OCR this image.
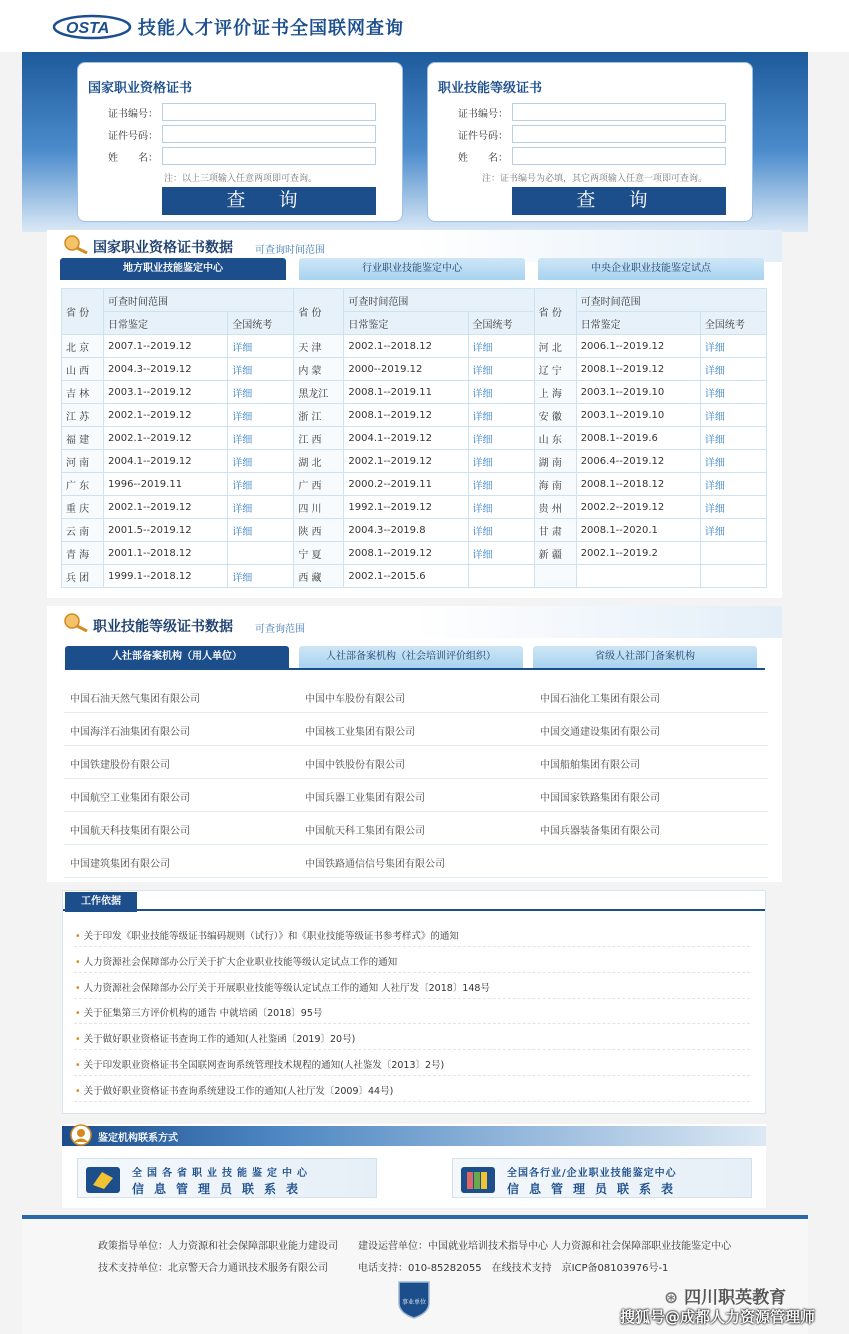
OSTA 技能人才评价证书全国联网查询
国家职业资格证书
证书编号：
证件号码：
姓　　名：
注：以上三项输入任意两项即可查询。
查 询
职业技能等级证书
证书编号：
证件号码：
姓　　名：
注：证书编号为必填，其它两项输入任意一项即可查询。
查 询
国家职业资格证书数据 可查询时间范围
地方职业技能鉴定中心	行业职业技能鉴定中心	中央企业职业技能鉴定试点
省 份	可查时间范围		省 份	可查时间范围		省 份	可查时间范围	
	日常鉴定	全国统考		日常鉴定	全国统考		日常鉴定	全国统考
北 京	2007.1--2019.12	详细	天 津	2002.1--2018.12	详细	河 北	2006.1--2019.12	详细
山 西	2004.3--2019.12	详细	内 蒙	2000--2019.12	详细	辽 宁	2008.1--2019.12	详细
吉 林	2003.1--2019.12	详细	黑龙江	2008.1--2019.11	详细	上 海	2003.1--2019.10	详细
江 苏	2002.1--2019.12	详细	浙 江	2008.1--2019.12	详细	安 徽	2003.1--2019.10	详细
福 建	2002.1--2019.12	详细	江 西	2004.1--2019.12	详细	山 东	2008.1--2019.6	详细
河 南	2004.1--2019.12	详细	湖 北	2002.1--2019.12	详细	湖 南	2006.4--2019.12	详细
广 东	1996--2019.11	详细	广 西	2000.2--2019.11	详细	海 南	2008.1--2018.12	详细
重 庆	2002.1--2019.12	详细	四 川	1992.1--2019.12	详细	贵 州	2002.2--2019.12	详细
云 南	2001.5--2019.12	详细	陕 西	2004.3--2019.8	详细	甘 肃	2008.1--2020.1	详细
青 海	2001.1--2018.12		宁 夏	2008.1--2019.12	详细	新 疆	2002.1--2019.2	
兵 团	1999.1--2018.12	详细	西 藏	2002.1--2015.6				
职业技能等级证书数据 可查询范围
人社部备案机构（用人单位）	人社部备案机构（社会培训评价组织）	省级人社部门备案机构
中国石油天然气集团有限公司	中国中车股份有限公司	中国石油化工集团有限公司
中国海洋石油集团有限公司	中国核工业集团有限公司	中国交通建设集团有限公司
中国铁建股份有限公司	中国中铁股份有限公司	中国船舶集团有限公司
中国航空工业集团有限公司	中国兵器工业集团有限公司	中国国家铁路集团有限公司
中国航天科技集团有限公司	中国航天科工集团有限公司	中国兵器装备集团有限公司
中国建筑集团有限公司	中国铁路通信信号集团有限公司
工作依据
• 关于印发《职业技能等级证书编码规则（试行）》和《职业技能等级证书参考样式》的通知
• 人力资源社会保障部办公厅关于扩大企业职业技能等级认定试点工作的通知
• 人力资源社会保障部办公厅关于开展职业技能等级认定试点工作的通知 人社厅发〔2018〕148号
• 关于征集第三方评价机构的通告 中就培函〔2018〕95号
• 关于做好职业资格证书查询工作的通知(人社鉴函〔2019〕20号)
• 关于印发职业资格证书全国联网查询系统管理技术规程的通知(人社鉴发〔2013〕2号)
• 关于做好职业资格证书查询系统建设工作的通知(人社厅发〔2009〕44号)
鉴定机构联系方式
全国各省职业技能鉴定中心
信息管理员联系表
全国各行业/企业职业技能鉴定中心
信息管理员联系表
政策指导单位：人力资源和社会保障部职业能力建设司　　建设运营单位：中国就业培训技术指导中心 人力资源和社会保障部职业技能鉴定中心
技术支持单位：北京警天合力通讯技术服务有限公司　　　电话支持：010-85282055　在线技术支持　京ICP备08103976号-1
事业单位	⊛ 四川职英教育
搜狐号@成都人力资源管理师
